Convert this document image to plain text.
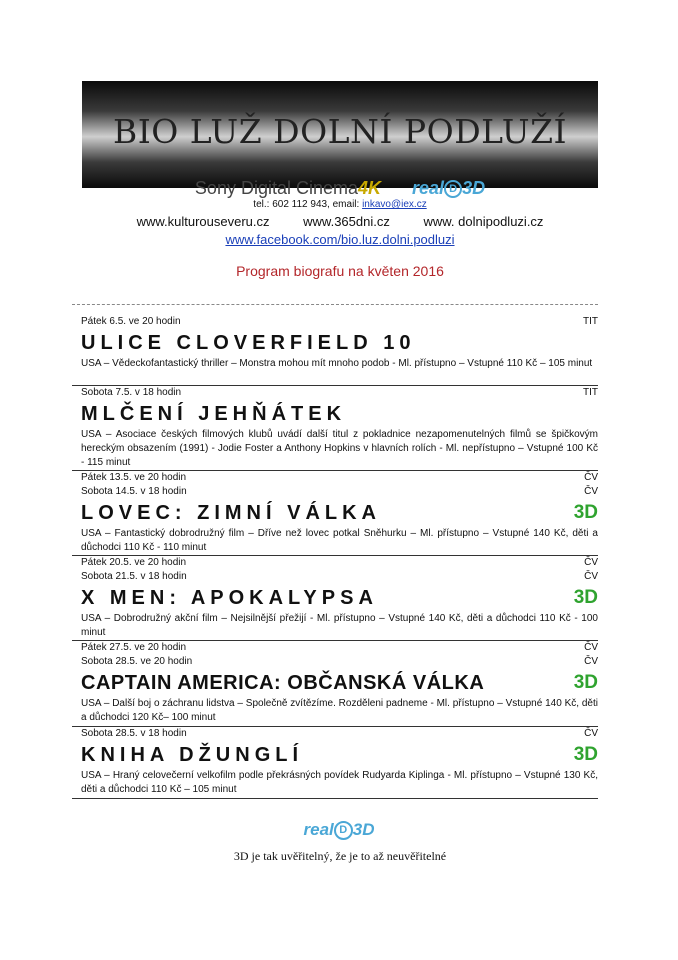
BIO LUŽ DOLNÍ PODLUŽÍ
Sony Digital Cinema4K real D 3D
tel.: 602 112 943, email: inkavo@iex.cz
www.kulturouseveru.cz	www.365dni.cz	www. dolnipodluzi.cz
www.facebook.com/bio.luz.dolni.podluzi
Program biografu na květen 2016
Pátek 6.5. ve 20 hodin	TIT
ULICE CLOVERFIELD 10
USA – Vědeckofantastický thriller – Monstra mohou mít mnoho podob - Ml. přístupno – Vstupné 110 Kč – 105 minut
Sobota 7.5. v 18 hodin	TIT
MLČENÍ JEHŇÁTEK
USA – Asociace českých filmových klubů uvádí další titul z pokladnice nezapomenutelných filmů se špičkovým hereckým obsazením (1991) - Jodie Foster a Anthony Hopkins v hlavních rolích - Ml. nepřístupno – Vstupné 100 Kč - 115 minut
Pátek 13.5. ve 20 hodin	ČV
Sobota 14.5. v 18 hodin	ČV
LOVEC: ZIMNÍ VÁLKA	3D
USA – Fantastický dobrodružný film – Dříve než lovec potkal Sněhurku – Ml. přístupno – Vstupné 140 Kč, děti a důchodci 110 Kč - 110 minut
Pátek 20.5. ve 20 hodin	ČV
Sobota 21.5. v 18 hodin	ČV
X MEN: APOKALYPSA	3D
USA – Dobrodružný akční film – Nejsilnější přežijí - Ml. přístupno – Vstupné 140 Kč, děti a důchodci 110 Kč - 100 minut
Pátek 27.5. ve 20 hodin	ČV
Sobota 28.5. ve 20 hodin	ČV
CAPTAIN AMERICA: OBČANSKÁ VÁLKA	3D
USA – Další boj o záchranu lidstva – Společně zvítězíme. Rozděleni padneme - Ml. přístupno – Vstupné 140 Kč, děti a důchodci 120 Kč– 100 minut
Sobota 28.5. v 18 hodin	ČV
KNIHA DŽUNGLÍ	3D
USA – Hraný celovečerní velkofilm podle překrásných povídek Rudyarda Kiplinga - Ml. přístupno – Vstupné 130 Kč, děti a důchodci 110 Kč – 105 minut
real D 3D
3D je tak uvěřitelný, že je to až neuvěřitelné
